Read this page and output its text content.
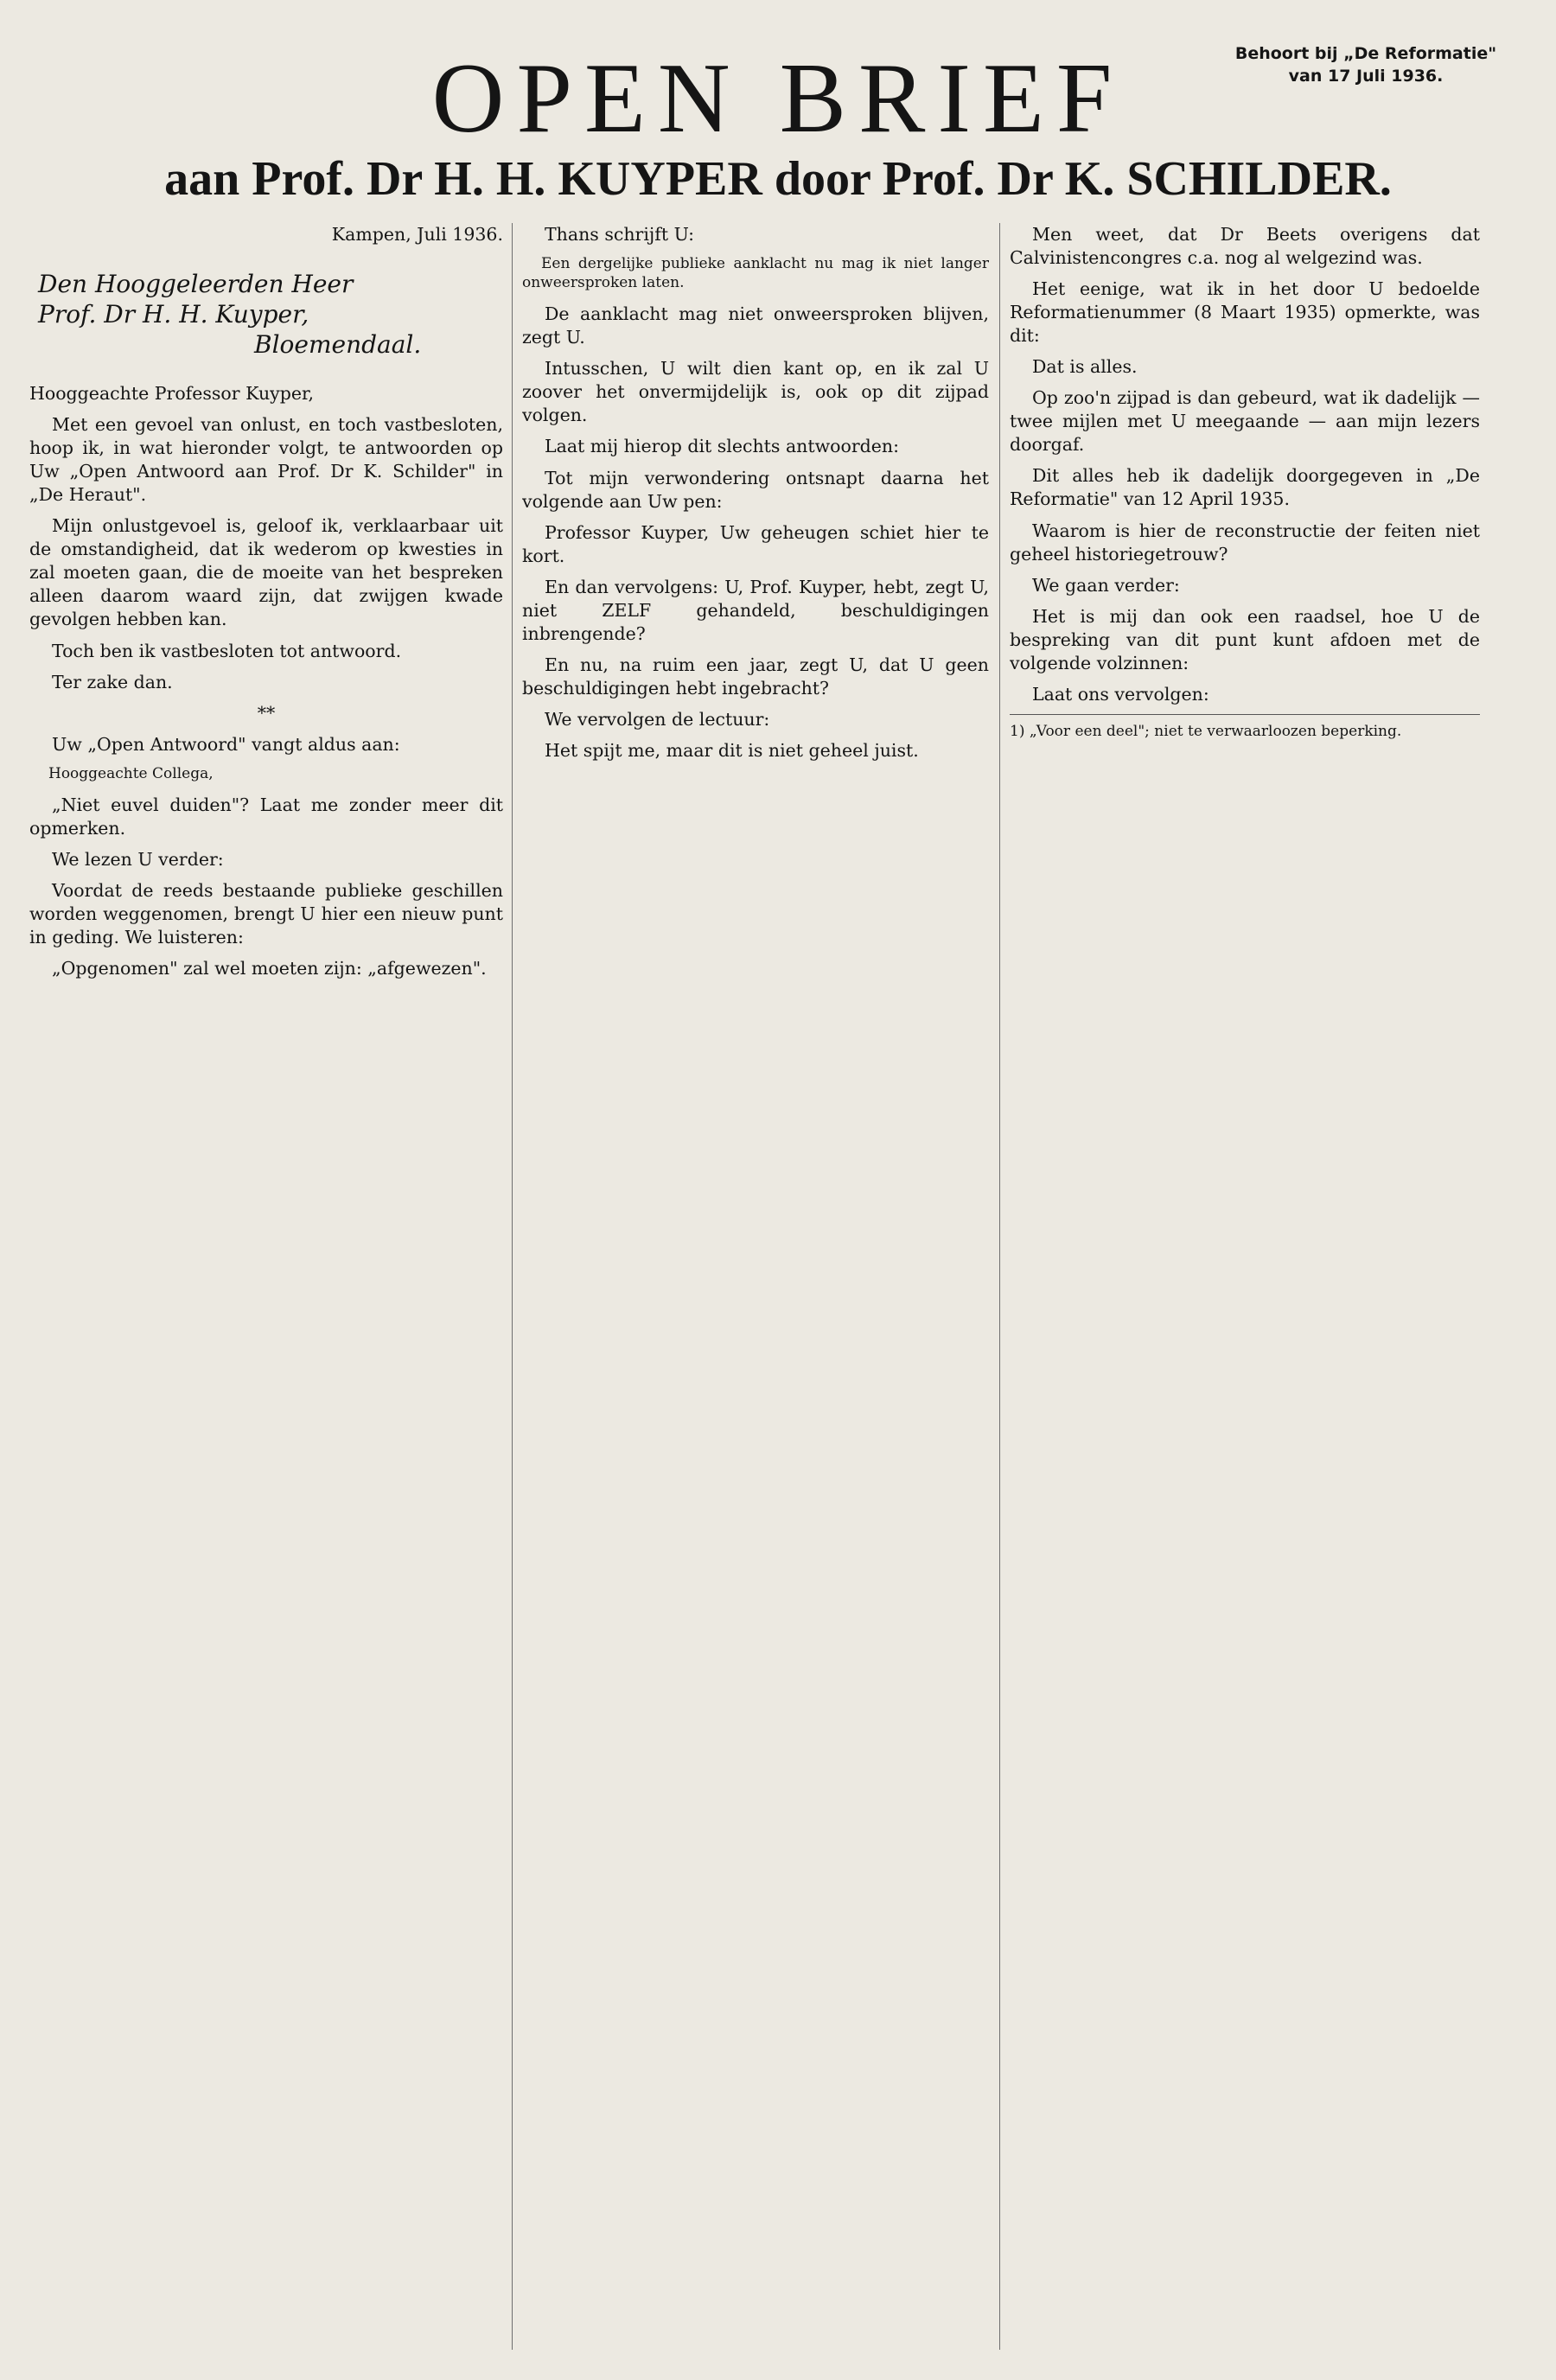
OPEN BRIEF
aan Prof. Dr H. H. KUYPER door Prof. Dr K. SCHILDER.
Behoort bij „De Reformatie"
van 17 Juli 1936.

Kampen, Juli 1936.

Den Hooggeleerden Heer
Prof. Dr H. H. Kuyper,
Bloemendaal.

Hooggeachte Professor Kuyper,

Met een gevoel van onlust, en toch vastbesloten, hoop ik, in wat hieronder volgt, te antwoorden op Uw „Open Antwoord aan Prof. Dr K. Schilder" in „De Heraut".

Mijn onlustgevoel is, geloof ik, verklaarbaar uit de omstandigheid, dat ik wederom op kwesties in zal moeten gaan, die de moeite van het bespreken alleen daarom waard zijn, dat zwijgen kwade gevolgen hebben kan.

Toch ben ik vastbesloten tot antwoord.

Ter zake dan.

**

Uw „Open Antwoord" vangt aldus aan:

Hooggeachte Collega,

„Niet euvel duiden"? Laat me zonder meer dit opmerken.

We lezen U verder:

Voordat de reeds bestaande publieke geschillen worden weggenomen, brengt U hier een nieuw punt in geding. We luisteren:

„Opgenomen" zal wel moeten zijn: „afgewezen".

Thans schrijft U:

Een dergelijke publieke aanklacht nu mag ik niet langer onweersproken laten.

De aanklacht mag niet onweersproken blijven, zegt U.

Intusschen, U wilt dien kant op, en ik zal U zoover het onvermijdelijk is, ook op dit zijpad volgen.

Laat mij hierop dit slechts antwoorden:

Tot mijn verwondering ontsnapt daarna het volgende aan Uw pen:

Professor Kuyper, Uw geheugen schiet hier te kort.

En dan vervolgens: U, Prof. Kuyper, hebt, zegt U, niet ZELF gehandeld, beschuldigingen inbrengende?

En nu, na ruim een jaar, zegt U, dat U geen beschuldigingen hebt ingebracht?

We vervolgen de lectuur:

Het spijt me, maar dit is niet geheel juist.

Men weet, dat Dr Beets overigens dat Calvinistencongres c.a. nog al welgezind was.

Het eenige, wat ik in het door U bedoelde Reformatienummer (8 Maart 1935) opmerkte, was dit:

Dat is alles.

Op zoo'n zijpad is dan gebeurd, wat ik dadelijk — twee mijlen met U meegaande — aan mijn lezers doorgaf.

Dit alles heb ik dadelijk doorgegeven in „De Reformatie" van 12 April 1935.

Waarom is hier de reconstructie der feiten niet geheel historiegetrouw?

We gaan verder:

Het is mij dan ook een raadsel, hoe U de bespreking van dit punt kunt afdoen met de volgende volzinnen:

Laat ons vervolgen:

1) „Voor een deel"; niet te verwaarloozen beperking.
